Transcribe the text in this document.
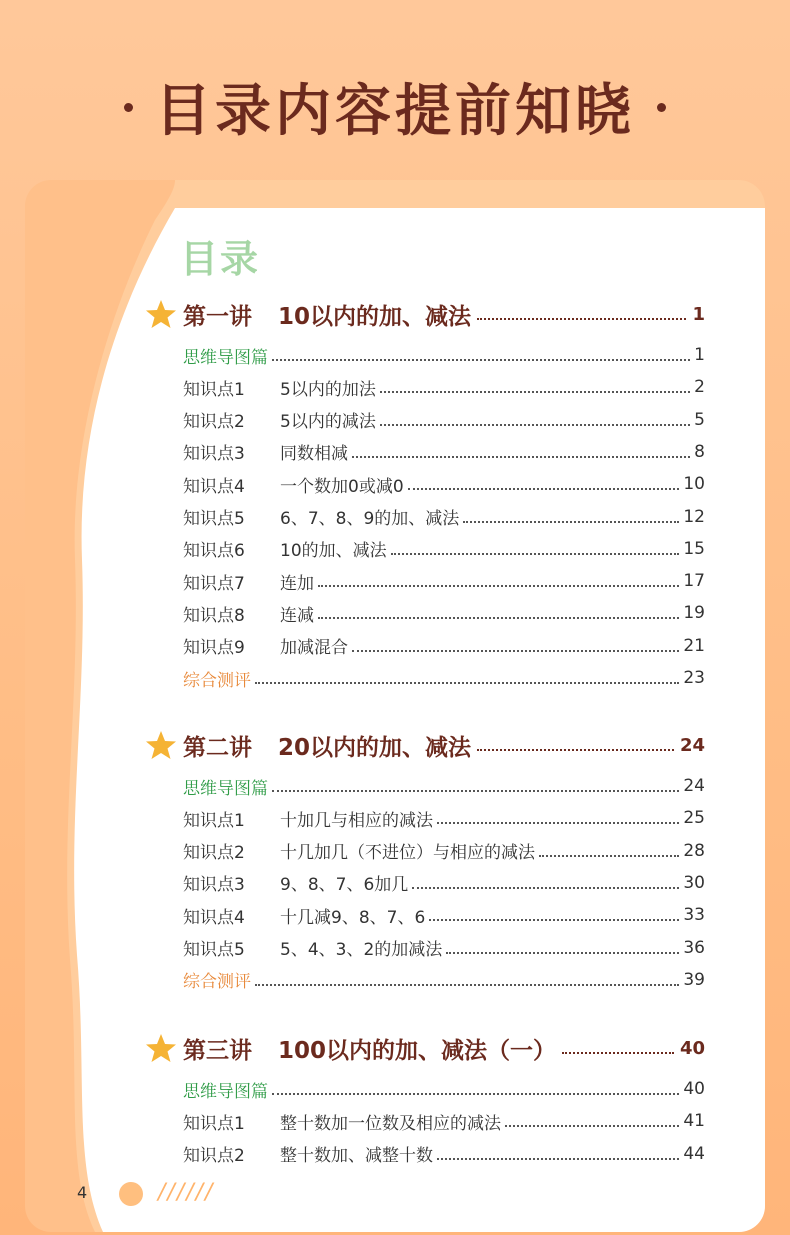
目录内容提前知晓
目录
第一讲 10以内的加、减法	1
思维导图篇	1
知识点1	5以内的加法	2
知识点2	5以内的减法	5
知识点3	同数相减	8
知识点4	一个数加0或减0	10
知识点5	6、7、8、9的加、减法	12
知识点6	10的加、减法	15
知识点7	连加	17
知识点8	连减	19
知识点9	加减混合	21
综合测评	23
第二讲 20以内的加、减法	24
思维导图篇	24
知识点1	十加几与相应的减法	25
知识点2	十几加几（不进位）与相应的减法	28
知识点3	9、8、7、6加几	30
知识点4	十几减9、8、7、6	33
知识点5	5、4、3、2的加减法	36
综合测评	39
第三讲 100以内的加、减法（一）	40
思维导图篇	40
知识点1	整十数加一位数及相应的减法	41
知识点2	整十数加、减整十数	44
4	//////
